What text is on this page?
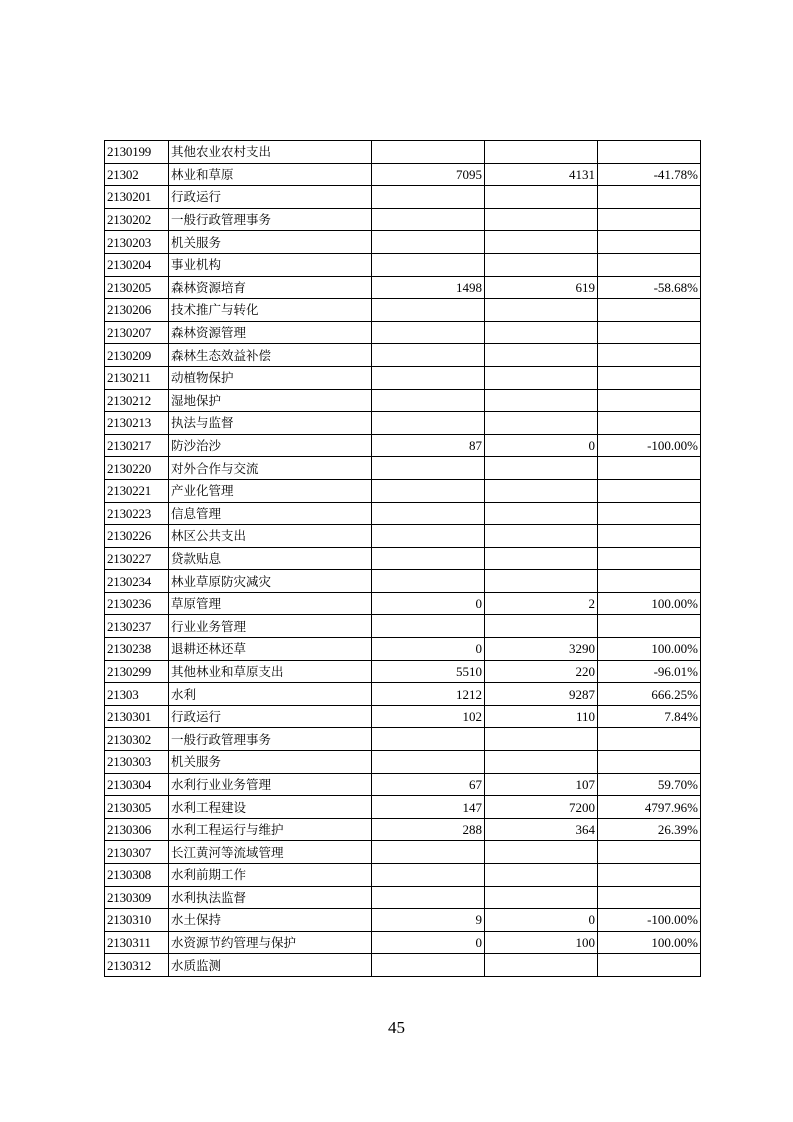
2130199	其他农业农村支出			
21302	林业和草原	7095	4131	-41.78%
2130201	行政运行			
2130202	一般行政管理事务			
2130203	机关服务			
2130204	事业机构			
2130205	森林资源培育	1498	619	-58.68%
2130206	技术推广与转化			
2130207	森林资源管理			
2130209	森林生态效益补偿			
2130211	动植物保护			
2130212	湿地保护			
2130213	执法与监督			
2130217	防沙治沙	87	0	-100.00%
2130220	对外合作与交流			
2130221	产业化管理			
2130223	信息管理			
2130226	林区公共支出			
2130227	贷款贴息			
2130234	林业草原防灾减灾			
2130236	草原管理	0	2	100.00%
2130237	行业业务管理			
2130238	退耕还林还草	0	3290	100.00%
2130299	其他林业和草原支出	5510	220	-96.01%
21303	水利	1212	9287	666.25%
2130301	行政运行	102	110	7.84%
2130302	一般行政管理事务			
2130303	机关服务			
2130304	水利行业业务管理	67	107	59.70%
2130305	水利工程建设	147	7200	4797.96%
2130306	水利工程运行与维护	288	364	26.39%
2130307	长江黄河等流域管理			
2130308	水利前期工作			
2130309	水利执法监督			
2130310	水土保持	9	0	-100.00%
2130311	水资源节约管理与保护	0	100	100.00%
2130312	水质监测			
45
